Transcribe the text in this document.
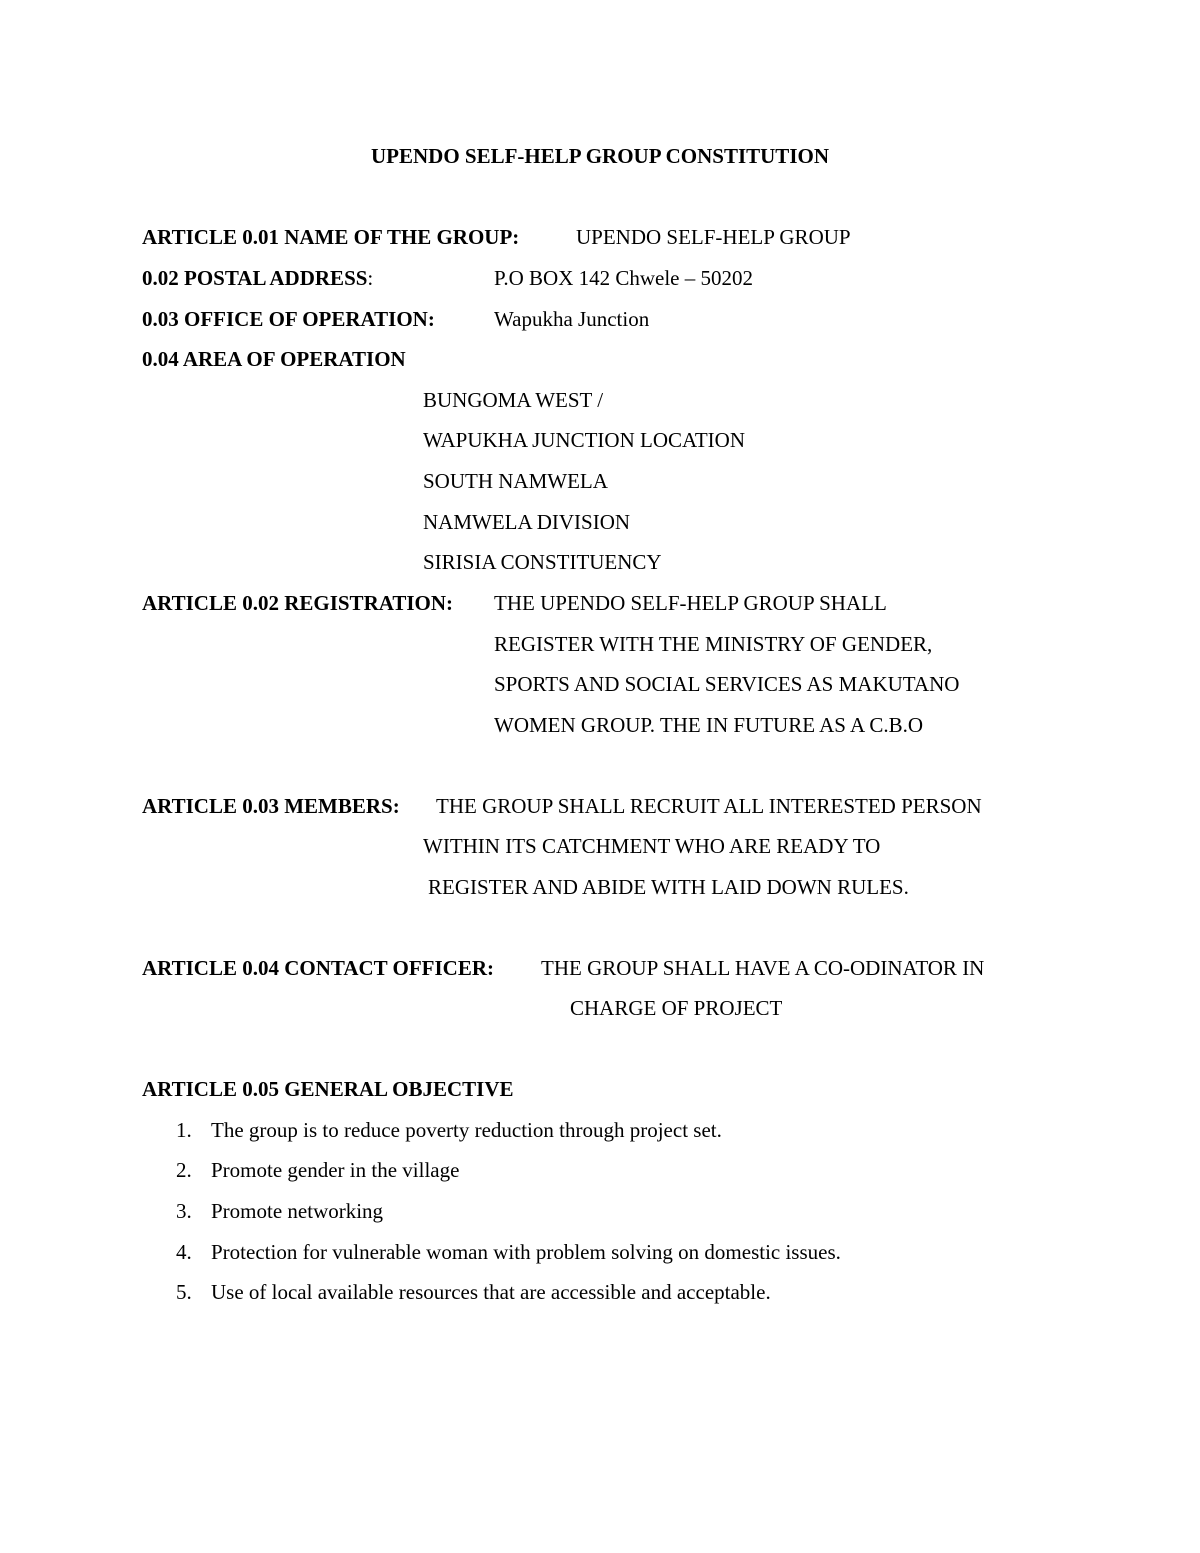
UPENDO SELF-HELP GROUP CONSTITUTION
ARTICLE 0.01 NAME OF THE GROUP:	UPENDO SELF-HELP GROUP
0.02 POSTAL ADDRESS:	P.O BOX 142 Chwele – 50202
0.03 OFFICE OF OPERATION:	Wapukha Junction
0.04 AREA OF OPERATION
BUNGOMA WEST /
WAPUKHA JUNCTION LOCATION
SOUTH NAMWELA
NAMWELA DIVISION
SIRISIA CONSTITUENCY
ARTICLE 0.02 REGISTRATION: THE UPENDO SELF-HELP GROUP SHALL
REGISTER WITH THE MINISTRY OF GENDER,
SPORTS AND SOCIAL SERVICES AS MAKUTANO
WOMEN GROUP. THE IN FUTURE AS A C.B.O
ARTICLE 0.03 MEMBERS: THE GROUP SHALL RECRUIT ALL INTERESTED PERSON
WITHIN ITS CATCHMENT WHO ARE READY TO
REGISTER AND ABIDE WITH LAID DOWN RULES.
ARTICLE 0.04 CONTACT OFFICER: THE GROUP SHALL HAVE A CO-ODINATOR IN
CHARGE OF PROJECT
ARTICLE 0.05 GENERAL OBJECTIVE
1. The group is to reduce poverty reduction through project set.
2. Promote gender in the village
3. Promote networking
4. Protection for vulnerable woman with problem solving on domestic issues.
5. Use of local available resources that are accessible and acceptable.
